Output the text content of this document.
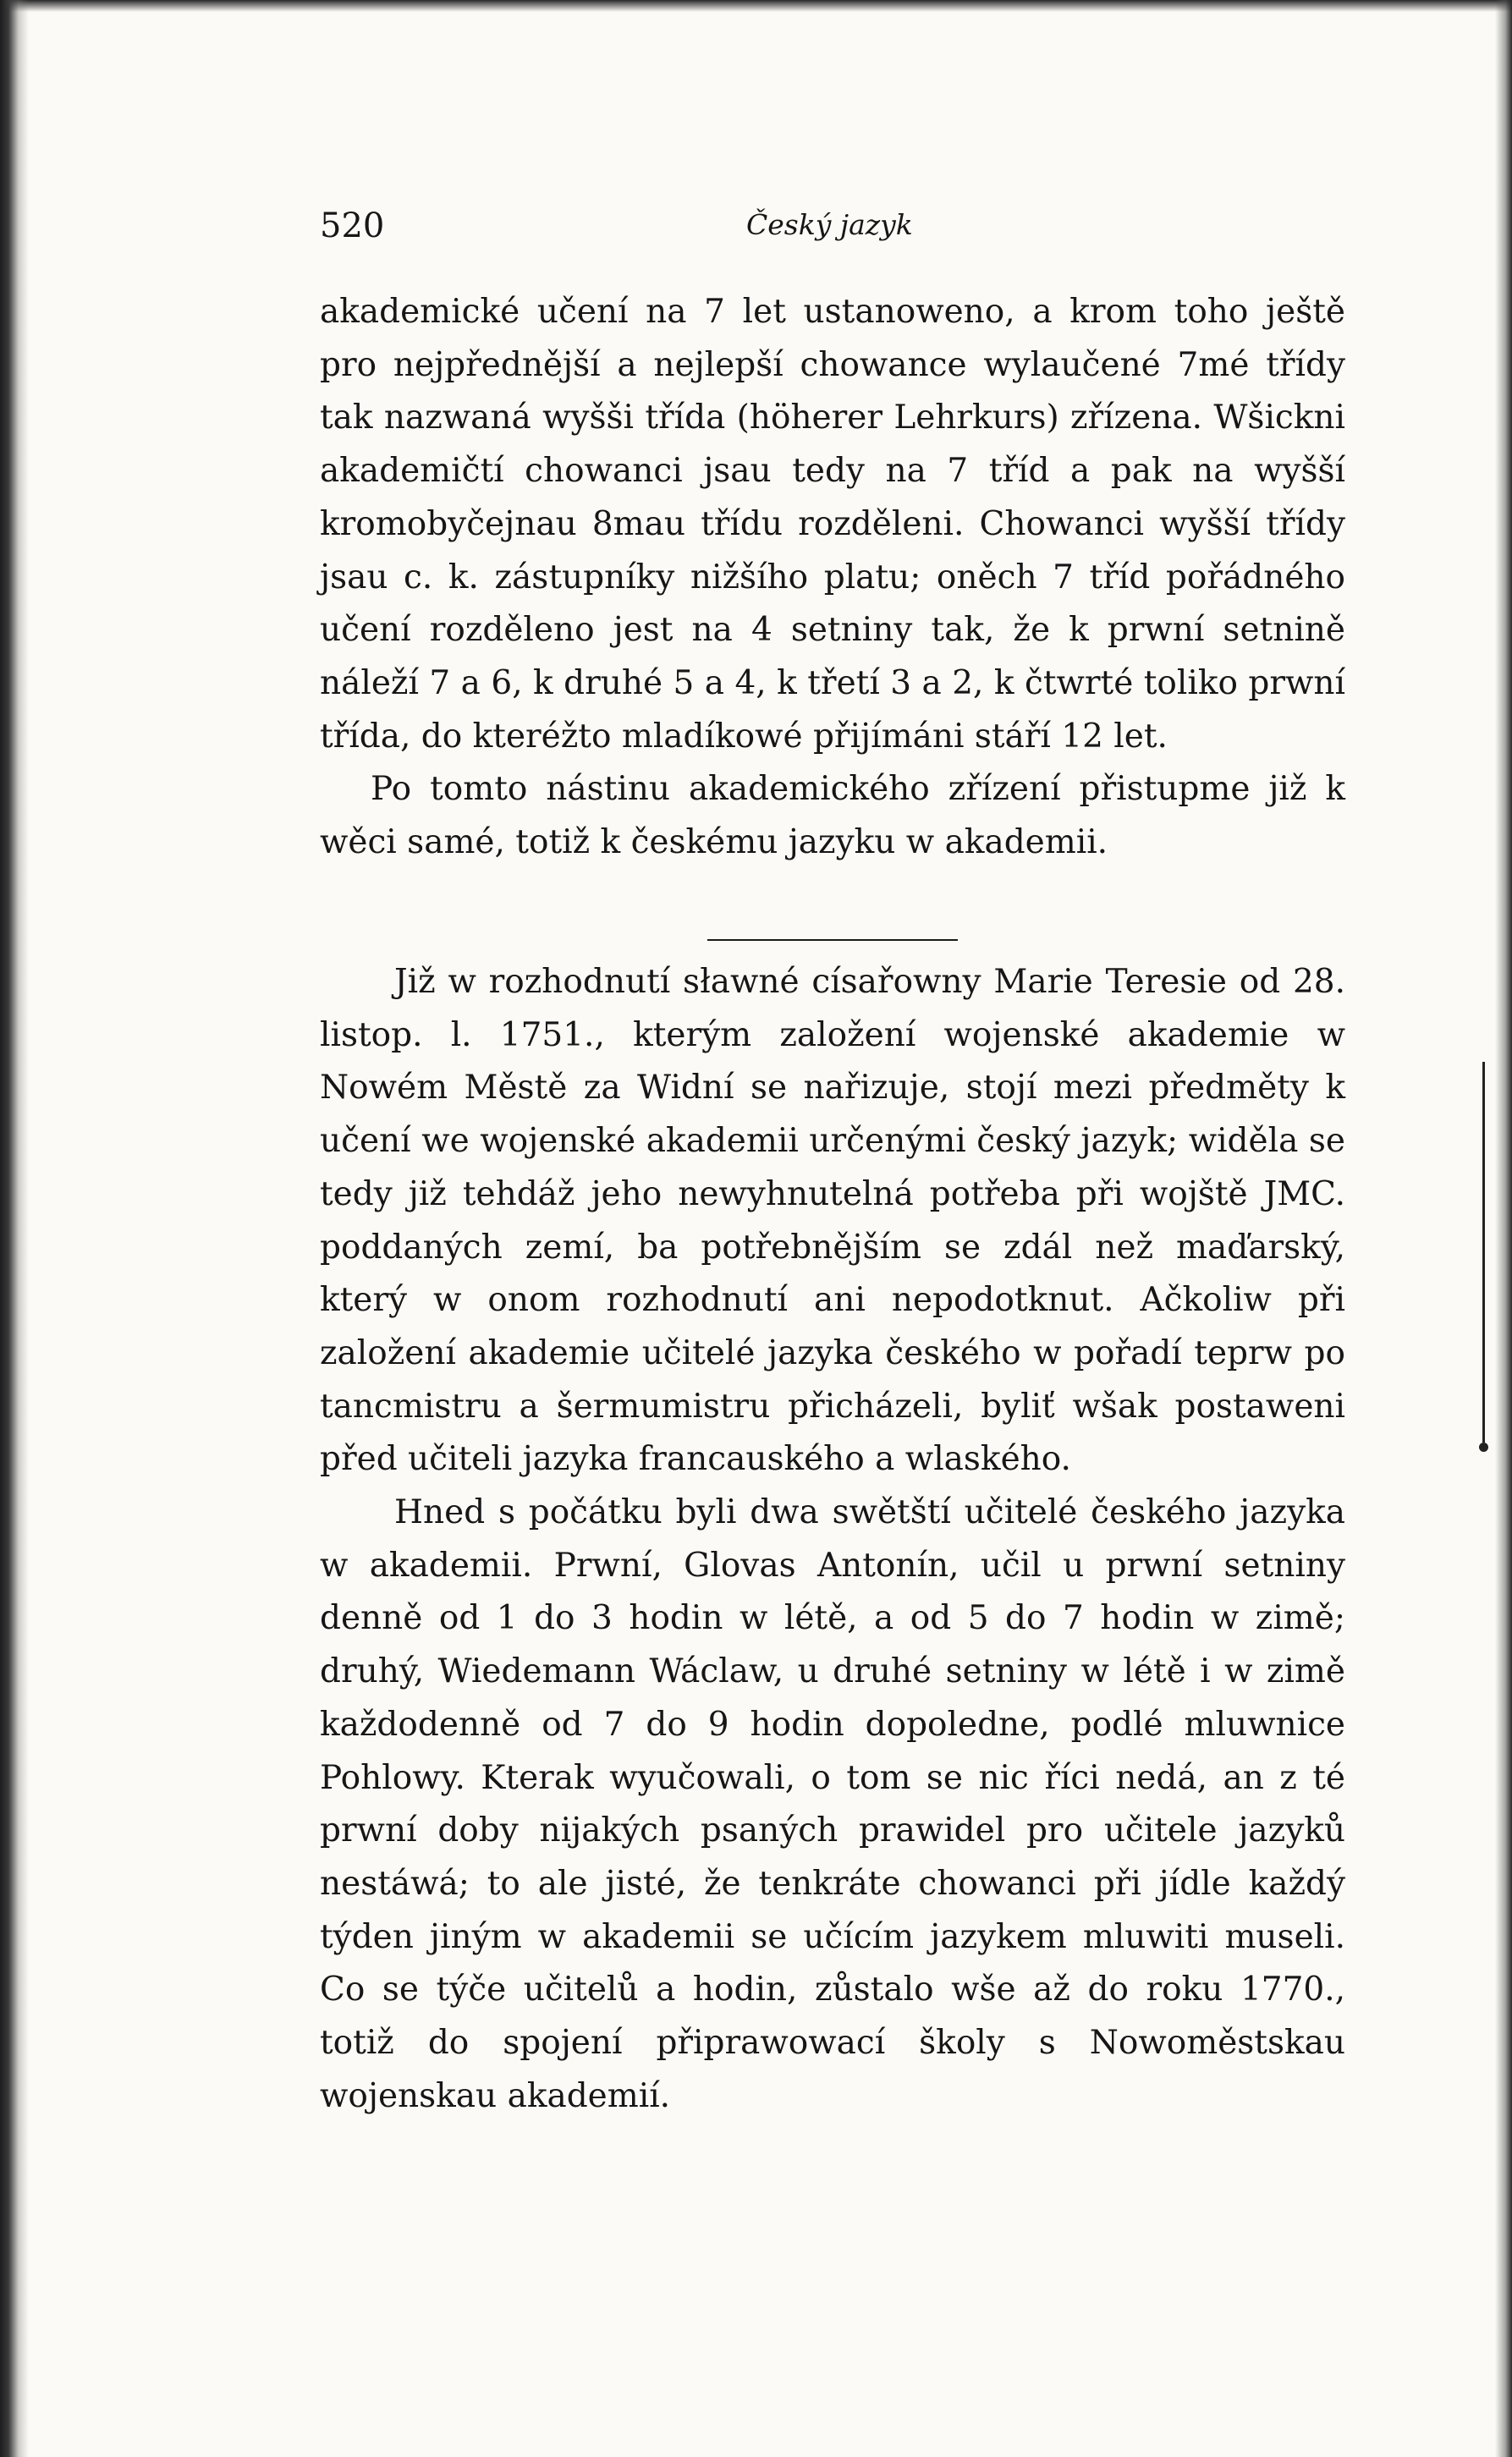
520	Český jazyk

akademické učení na 7 let ustanoweno, a krom toho ještě pro nejpřednější a nejlepší chowance wylaučené 7mé třídy tak nazwaná wyšši třída (höherer Lehrkurs) zřízena. Wšickni akademičtí chowanci jsau tedy na 7 tříd a pak na wyšší kromobyčejnau 8mau třídu rozděleni. Chowanci wyšší třídy jsau c. k. zástupníky nižšího platu; oněch 7 tříd pořádného učení rozděleno jest na 4 setniny tak, že k prwní setnině náleží 7 a 6, k druhé 5 a 4, k třetí 3 a 2, k čtwrté toliko prwní třída, do kteréžto mladíkowé přijímáni stáří 12 let.

Po tomto nástinu akademického zřízení přistupme již k wěci samé, totiž k českému jazyku w akademii.

Již w rozhodnutí sławné císařowny Marie Teresie od 28. listop. l. 1751., kterým založení wojenské akademie w Nowém Městě za Widní se nařizuje, stojí mezi předměty k učení we wojenské akademii určenými český jazyk; widěla se tedy již tehdáž jeho newyhnutelná potřeba při wojště JMC. poddaných zemí, ba potřebnějším se zdál než maďarský, který w onom rozhodnutí ani nepodotknut. Ačkoliw při založení akademie učitelé jazyka českého w pořadí teprw po tancmistru a šermumistru přicházeli, byliť wšak postaweni před učiteli jazyka francauského a wlaského.

Hned s počátku byli dwa swětští učitelé českého jazyka w akademii. Prwní, Glovas Antonín, učil u prwní setniny denně od 1 do 3 hodin w létě, a od 5 do 7 hodin w zimě; druhý, Wiedemann Wáclaw, u druhé setniny w létě i w zimě každodenně od 7 do 9 hodin dopoledne, podlé mluwnice Pohlowy. Kterak wyučowali, o tom se nic říci nedá, an z té prwní doby nijakých psaných prawidel pro učitele jazyků nestáwá; to ale jisté, že tenkráte chowanci při jídle každý týden jiným w akademii se učícím jazykem mluwiti museli. Co se týče učitelů a hodin, zůstalo wše až do roku 1770., totiž do spojení připrawowací školy s Nowoměstskau wojenskau akademií.
